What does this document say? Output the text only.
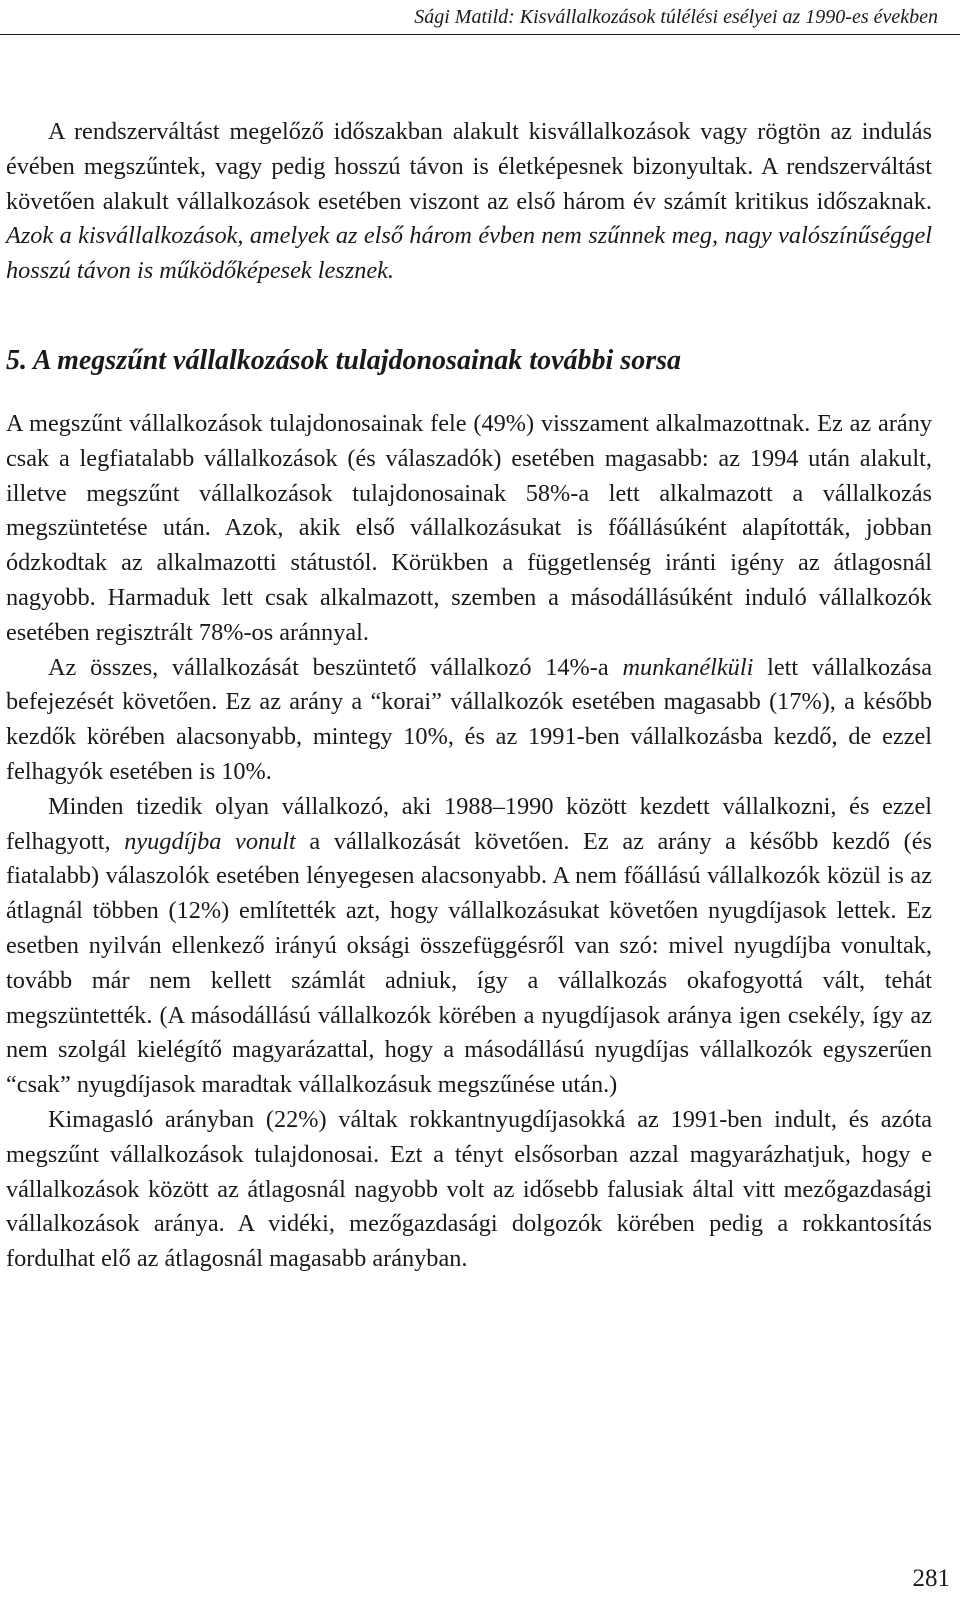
Sági Matild: Kisvállalkozások túlélési esélyei az 1990-es években

A rendszerváltást megelőző időszakban alakult kisvállalkozások vagy rögtön az indulás évében megszűntek, vagy pedig hosszú távon is életképesnek bizonyultak. A rendszerváltást követően alakult vállalkozások esetében viszont az első három év számít kritikus időszaknak. Azok a kisvállalkozások, amelyek az első három évben nem szűnnek meg, nagy valószínűséggel hosszú távon is működőképesek lesznek.

5. A megszűnt vállalkozások tulajdonosainak további sorsa

A megszűnt vállalkozások tulajdonosainak fele (49%) visszament alkalmazottnak. Ez az arány csak a legfiatalabb vállalkozások (és válaszadók) esetében magasabb: az 1994 után alakult, illetve megszűnt vállalkozások tulajdonosainak 58%-a lett alkalmazott a vállalkozás megszüntetése után. Azok, akik első vállalkozásukat is főállásúként alapították, jobban ódzkodtak az alkalmazotti státustól. Körükben a függetlenség iránti igény az átlagosnál nagyobb. Harmaduk lett csak alkalmazott, szemben a másodállásúként induló vállalkozók esetében regisztrált 78%-os aránnyal.

Az összes, vállalkozását beszüntető vállalkozó 14%-a munkanélküli lett vállalkozása befejezését követően. Ez az arány a “korai” vállalkozók esetében magasabb (17%), a később kezdők körében alacsonyabb, mintegy 10%, és az 1991-ben vállalkozásba kezdő, de ezzel felhagyók esetében is 10%.

Minden tizedik olyan vállalkozó, aki 1988–1990 között kezdett vállalkozni, és ezzel felhagyott, nyugdíjba vonult a vállalkozását követően. Ez az arány a később kezdő (és fiatalabb) válaszolók esetében lényegesen alacsonyabb. A nem főállású vállalkozók közül is az átlagnál többen (12%) említették azt, hogy vállalkozásukat követően nyugdíjasok lettek. Ez esetben nyilván ellenkező irányú oksági összefüggésről van szó: mivel nyugdíjba vonultak, tovább már nem kellett számlát adniuk, így a vállalkozás okafogyottá vált, tehát megszüntették. (A másodállású vállalkozók körében a nyugdíjasok aránya igen csekély, így az nem szolgál kielégítő magyarázattal, hogy a másodállású nyugdíjas vállalkozók egyszerűen “csak” nyugdíjasok maradtak vállalkozásuk megszűnése után.)

Kimagasló arányban (22%) váltak rokkantnyugdíjasokká az 1991-ben indult, és azóta megszűnt vállalkozások tulajdonosai. Ezt a tényt elsősorban azzal magyarázhatjuk, hogy e vállalkozások között az átlagosnál nagyobb volt az idősebb falusiak által vitt mezőgazdasági vállalkozások aránya. A vidéki, mezőgazdasági dolgozók körében pedig a rokkantosítás fordulhat elő az átlagosnál magasabb arányban.

281
